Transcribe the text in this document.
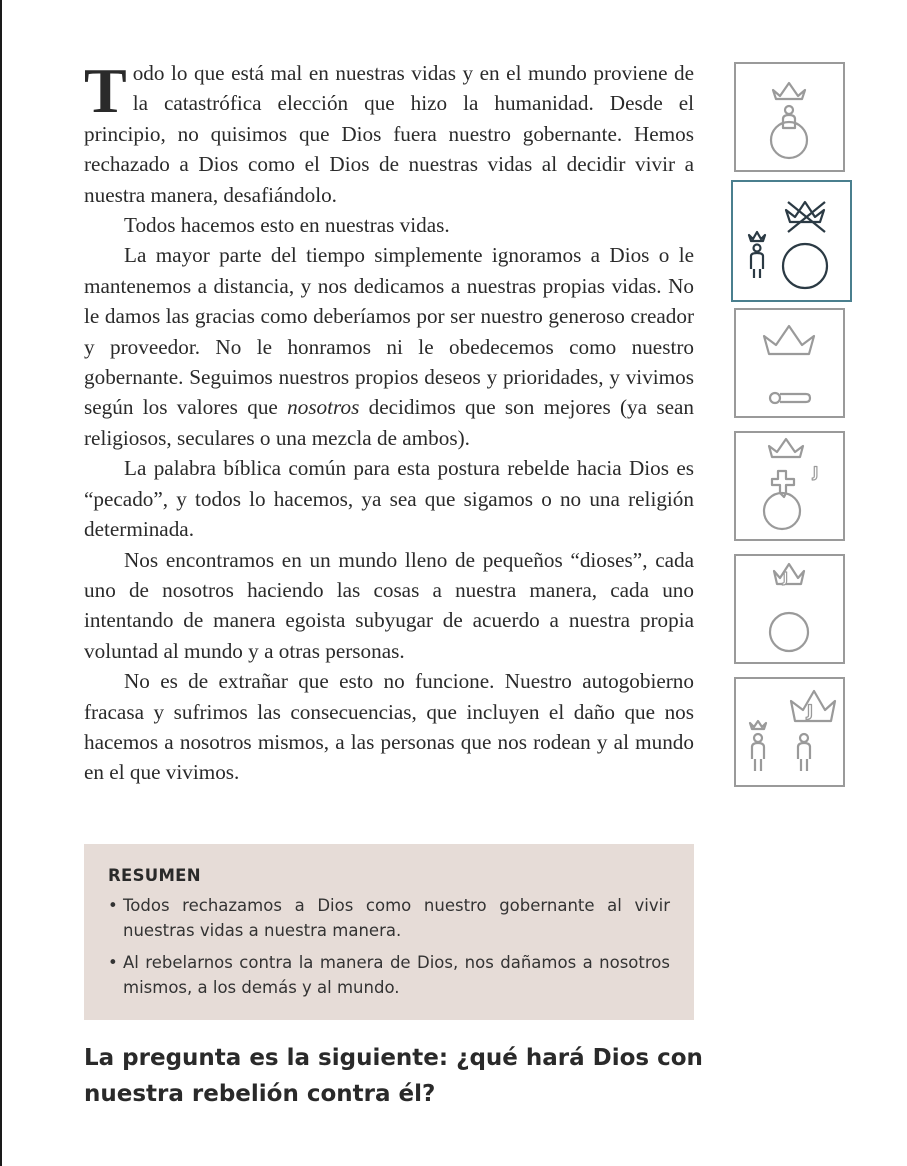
Todo lo que está mal en nuestras vidas y en el mundo proviene de la catastrófica elección que hizo la humanidad. Desde el principio, no quisimos que Dios fuera nuestro gobernante. Hemos rechazado a Dios como el Dios de nuestras vidas al decidir vivir a nuestra manera, desafiándolo.

Todos hacemos esto en nuestras vidas.

La mayor parte del tiempo simplemente ignoramos a Dios o le mantenemos a distancia, y nos dedicamos a nuestras propias vidas. No le damos las gracias como deberíamos por ser nuestro generoso creador y proveedor. No le honramos ni le obedecemos como nuestro gobernante. Seguimos nuestros propios deseos y prioridades, y vivimos según los valores que nosotros decidimos que son mejores (ya sean religiosos, seculares o una mezcla de ambos).

La palabra bíblica común para esta postura rebelde hacia Dios es “pecado”, y todos lo hacemos, ya sea que sigamos o no una religión determinada.

Nos encontramos en un mundo lleno de pequeños “dioses”, cada uno de nosotros haciendo las cosas a nuestra manera, cada uno intentando de manera egoista subyugar de acuerdo a nuestra propia voluntad al mundo y a otras personas.

No es de extrañar que esto no funcione. Nuestro autogobierno fracasa y sufrimos las consecuencias, que incluyen el daño que nos hacemos a nosotros mismos, a las personas que nos rodean y al mundo en el que vivimos.

RESUMEN
• Todos rechazamos a Dios como nuestro gobernante al vivir nuestras vidas a nuestra manera.
• Al rebelarnos contra la manera de Dios, nos dañamos a nosotros mismos, a los demás y al mundo.
La pregunta es la siguiente: ¿qué hará Dios con nuestra rebelión contra él?
J
J
J
